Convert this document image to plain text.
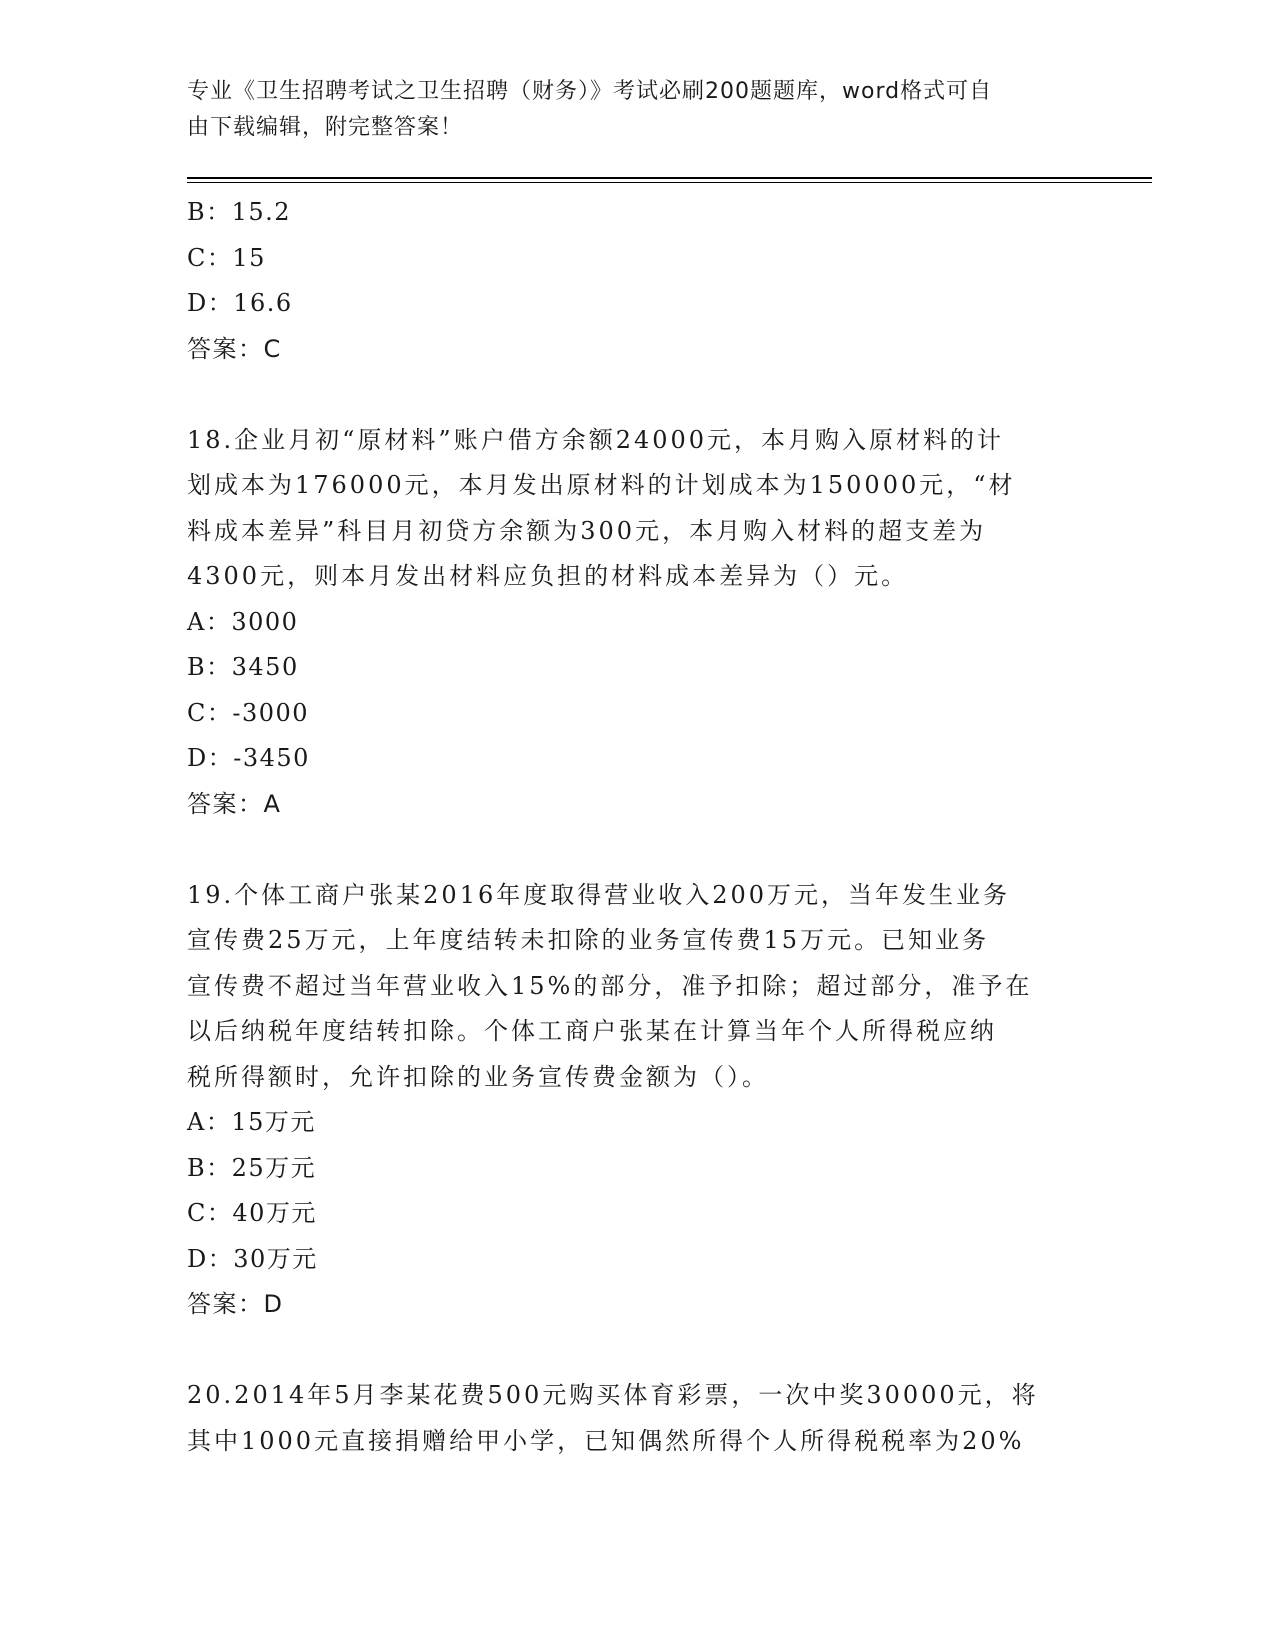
专业《卫生招聘考试之卫生招聘（财务）》考试必刷200题题库，word格式可自
由下载编辑，附完整答案！
B：15.2
C：15
D：16.6
答案：C
18.企业月初“原材料”账户借方余额24000元，本月购入原材料的计
划成本为176000元，本月发出原材料的计划成本为150000元，“材
料成本差异”科目月初贷方余额为300元，本月购入材料的超支差为
4300元，则本月发出材料应负担的材料成本差异为（）元。
A：3000
B：3450
C：-3000
D：-3450
答案：A
19.个体工商户张某2016年度取得营业收入200万元，当年发生业务
宣传费25万元，上年度结转未扣除的业务宣传费15万元。已知业务
宣传费不超过当年营业收入15%的部分，准予扣除；超过部分，准予在
以后纳税年度结转扣除。个体工商户张某在计算当年个人所得税应纳
税所得额时，允许扣除的业务宣传费金额为（）。
A：15万元
B：25万元
C：40万元
D：30万元
答案：D
20.2014年5月李某花费500元购买体育彩票，一次中奖30000元，将
其中1000元直接捐赠给甲小学，已知偶然所得个人所得税税率为20%
